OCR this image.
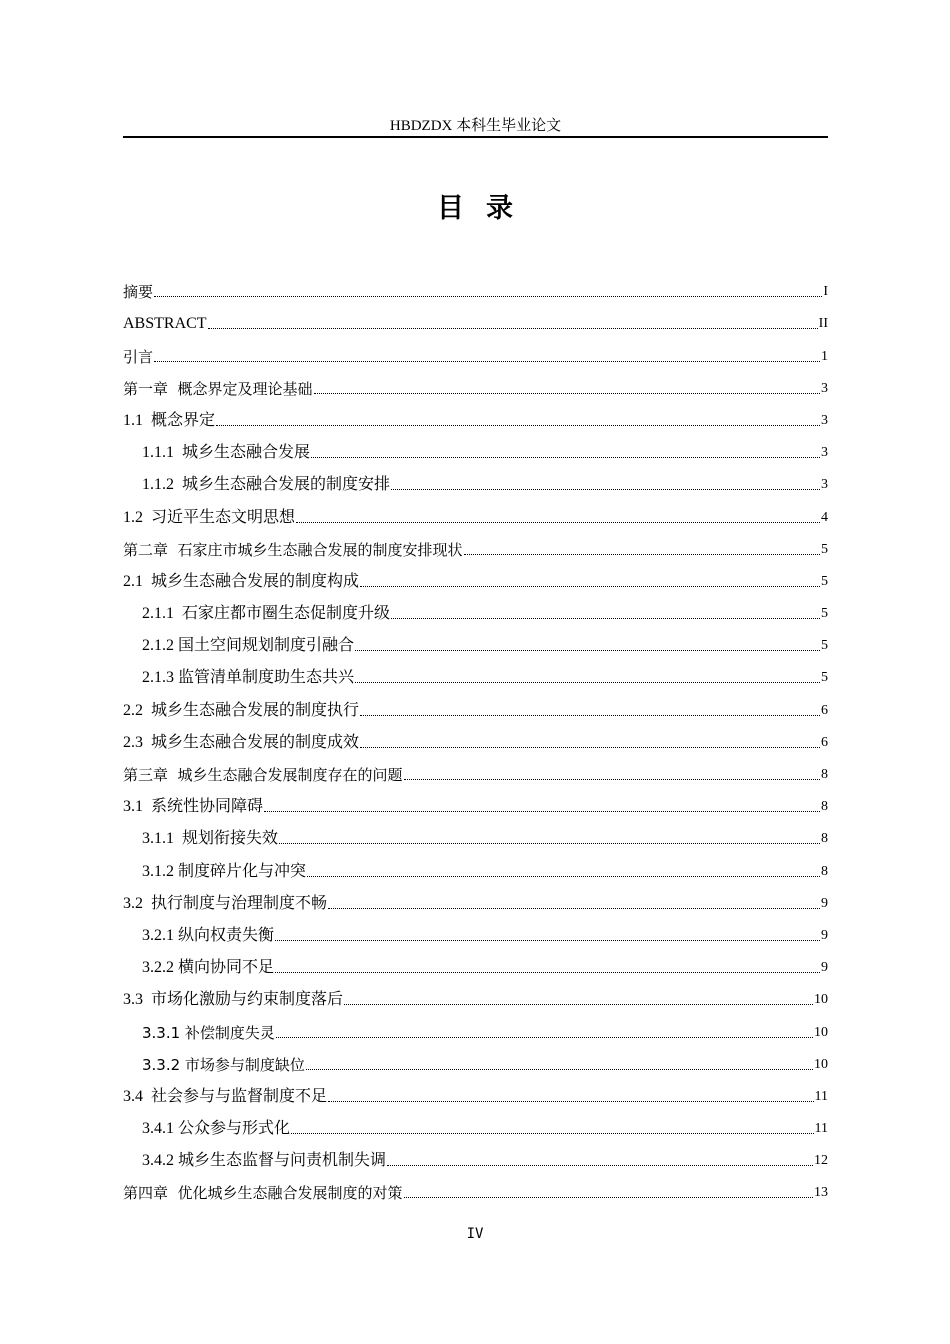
HBDZDX 本科生毕业论文
目录
摘要	I
ABSTRACT	II
引言	1
第一章  概念界定及理论基础	3
1.1  概念界定	3
1.1.1  城乡生态融合发展	3
1.1.2  城乡生态融合发展的制度安排	3
1.2  习近平生态文明思想	4
第二章  石家庄市城乡生态融合发展的制度安排现状	5
2.1  城乡生态融合发展的制度构成	5
2.1.1  石家庄都市圈生态促制度升级	5
2.1.2 国土空间规划制度引融合	5
2.1.3 监管清单制度助生态共兴	5
2.2  城乡生态融合发展的制度执行	6
2.3  城乡生态融合发展的制度成效	6
第三章  城乡生态融合发展制度存在的问题	8
3.1  系统性协同障碍	8
3.1.1  规划衔接失效	8
3.1.2 制度碎片化与冲突	8
3.2  执行制度与治理制度不畅	9
3.2.1 纵向权责失衡	9
3.2.2 横向协同不足	9
3.3  市场化激励与约束制度落后	10
3.3.1 补偿制度失灵	10
3.3.2 市场参与制度缺位	10
3.4  社会参与与监督制度不足	11
3.4.1 公众参与形式化	11
3.4.2 城乡生态监督与问责机制失调	12
第四章  优化城乡生态融合发展制度的对策	13
IV
